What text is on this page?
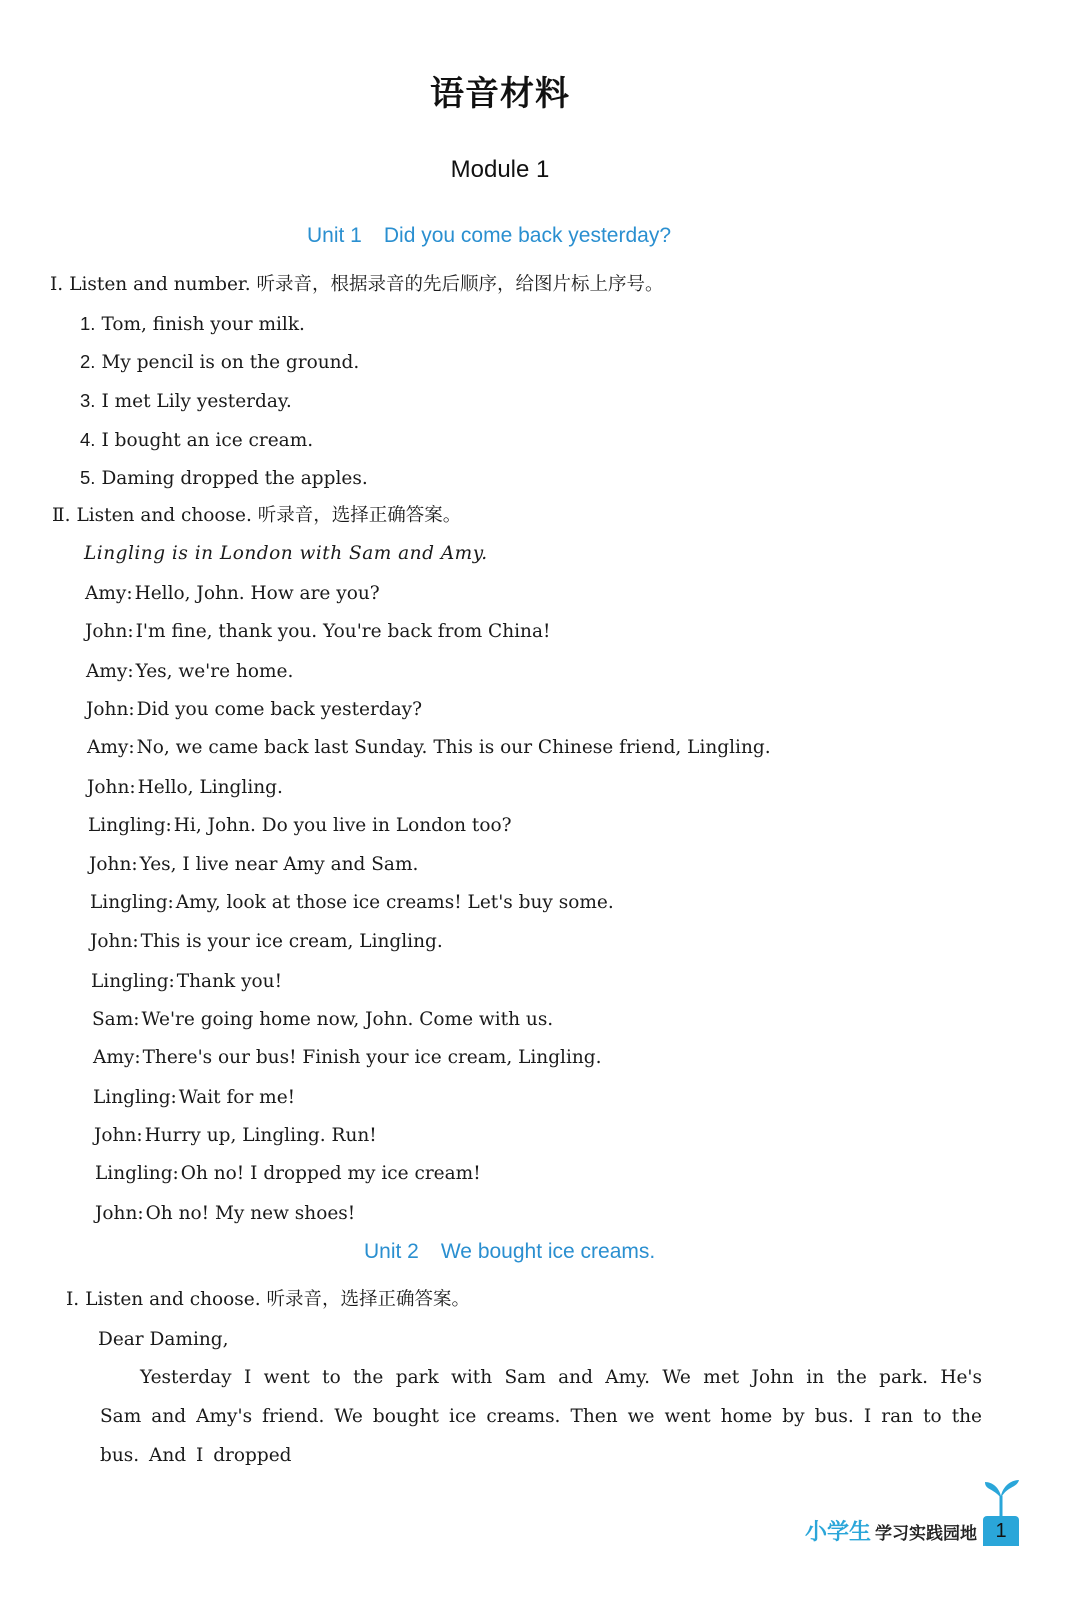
语音材料
Module 1
Unit 1 Did you come back yesterday?
Ⅰ. Listen and number. 听录音，根据录音的先后顺序，给图片标上序号。
1. Tom, finish your milk.
2. My pencil is on the ground.
3. I met Lily yesterday.
4. I bought an ice cream.
5. Daming dropped the apples.
Ⅱ. Listen and choose. 听录音，选择正确答案。
Lingling is in London with Sam and Amy.
Amy: Hello, John. How are you?
John: I'm fine, thank you. You're back from China!
Amy: Yes, we're home.
John: Did you come back yesterday?
Amy: No, we came back last Sunday. This is our Chinese friend, Lingling.
John: Hello, Lingling.
Lingling: Hi, John. Do you live in London too?
John: Yes, I live near Amy and Sam.
Lingling: Amy, look at those ice creams! Let's buy some.
John: This is your ice cream, Lingling.
Lingling: Thank you!
Sam: We're going home now, John. Come with us.
Amy: There's our bus! Finish your ice cream, Lingling.
Lingling: Wait for me!
John: Hurry up, Lingling. Run!
Lingling: Oh no! I dropped my ice cream!
John: Oh no! My new shoes!
Unit 2 We bought ice creams.
Ⅰ. Listen and choose. 听录音，选择正确答案。
Dear Daming,
Yesterday I went to the park with Sam and Amy. We met John in the park. He's Sam and Amy's friend. We bought ice creams. Then we went home by bus. I ran to the bus. And I dropped
小学生 学习实践园地 1
